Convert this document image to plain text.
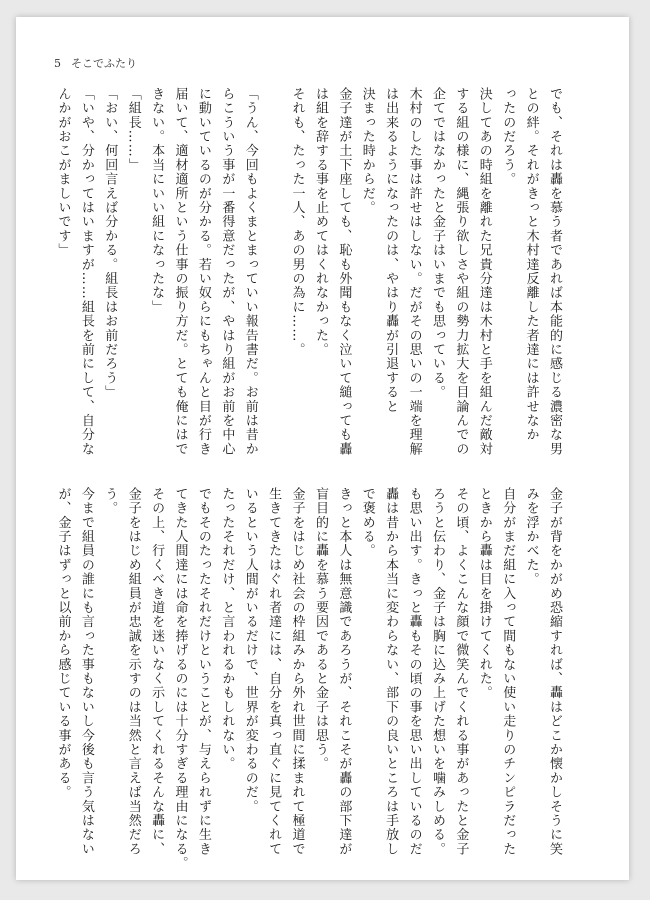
5 そこでふたり
でも、それは轟を慕う者であれば本能的に感じる濃密な男
との絆。それがきっと木村達反離した者達には許せなか
ったのだろう。
決してあの時組を離れた兄貴分達は木村と手を組んだ敵対
する組の様に、縄張り欲しさや組の勢力拡大を目論んでの
企てではなかったと金子はいまでも思っている。
木村のした事は許せはしない。だがその思いの一端を理解
は出来るようになったのは、やはり轟が引退すると
決まった時からだ。
金子達が土下座しても、恥も外聞もなく泣いて縋っても轟
は組を辞する事を止めてはくれなかった。
それも、たった一人、あの男の為に……。
「うん、今回もよくまとまっていい報告書だ。お前は昔か
らこういう事が一番得意だったが、やはり組がお前を中心
に動いているのが分かる。若い奴らにもちゃんと目が行き
届いて、適材適所という仕事の振り方だ。とても俺にはで
きない。本当にいい組になったな」
「組長……」
「おい、何回言えば分かる。組長はお前だろう」
「いや、分かってはいますが……組長を前にして、自分な
んかがおこがましいです」
金子が背をかがめ恐縮すれば、轟はどこか懐かしそうに笑
みを浮かべた。
自分がまだ組に入って間もない使い走りのチンピラだった
ときから轟は目を掛けてくれた。
その頃、よくこんな顔で微笑んでくれる事があったと金子
ろうと伝わり、金子は胸に込み上げた想いを噛みしめる。
も思い出す。きっと轟もその頃の事を思い出しているのだ
轟は昔から本当に変わらない、部下の良いところは手放し
で褒める。
きっと本人は無意識であろうが、それこそが轟の部下達が
盲目的に轟を慕う要因であると金子は思う。
金子をはじめ社会の枠組みから外れ世間に揉まれて極道で
生きてきたはぐれ者達には、自分を真っ直ぐに見てくれて
いるという人間がいるだけで、世界が変わるのだ。
たったそれだけ、と言われるかもしれない。
でもそのたったそれだけということが、与えられずに生き
てきた人間達には命を捧げるのには十分すぎる理由になる。
その上、行くべき道を迷いなく示してくれるそんな轟に、
金子をはじめ組員が忠誠を示すのは当然と言えば当然だろ
う。
今まで組員の誰にも言った事もないし今後も言う気はない
が、金子はずっと以前から感じている事がある。
